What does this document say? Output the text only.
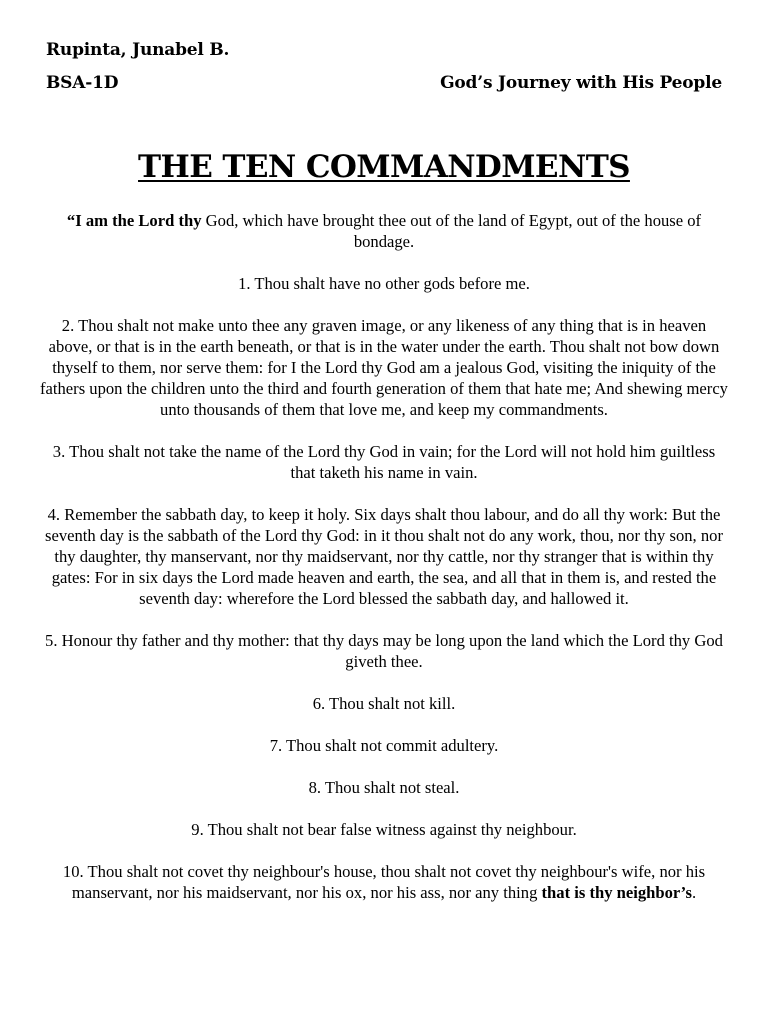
Rupinta, Junabel B.
BSA-1D	God’s Journey with His People
THE TEN COMMANDMENTS

“I am the Lord thy God, which have brought thee out of the land of Egypt, out of the house of bondage.

1. Thou shalt have no other gods before me.

2. Thou shalt not make unto thee any graven image, or any likeness of any thing that is in heaven above, or that is in the earth beneath, or that is in the water under the earth. Thou shalt not bow down thyself to them, nor serve them: for I the Lord thy God am a jealous God, visiting the iniquity of the fathers upon the children unto the third and fourth generation of them that hate me; And shewing mercy unto thousands of them that love me, and keep my commandments.

3. Thou shalt not take the name of the Lord thy God in vain; for the Lord will not hold him guiltless that taketh his name in vain.

4. Remember the sabbath day, to keep it holy. Six days shalt thou labour, and do all thy work: But the seventh day is the sabbath of the Lord thy God: in it thou shalt not do any work, thou, nor thy son, nor thy daughter, thy manservant, nor thy maidservant, nor thy cattle, nor thy stranger that is within thy gates: For in six days the Lord made heaven and earth, the sea, and all that in them is, and rested the seventh day: wherefore the Lord blessed the sabbath day, and hallowed it.

5. Honour thy father and thy mother: that thy days may be long upon the land which the Lord thy God giveth thee.

6. Thou shalt not kill.

7. Thou shalt not commit adultery.

8. Thou shalt not steal.

9. Thou shalt not bear false witness against thy neighbour.

10. Thou shalt not covet thy neighbour's house, thou shalt not covet thy neighbour's wife, nor his manservant, nor his maidservant, nor his ox, nor his ass, nor any thing that is thy neighbor’s.
